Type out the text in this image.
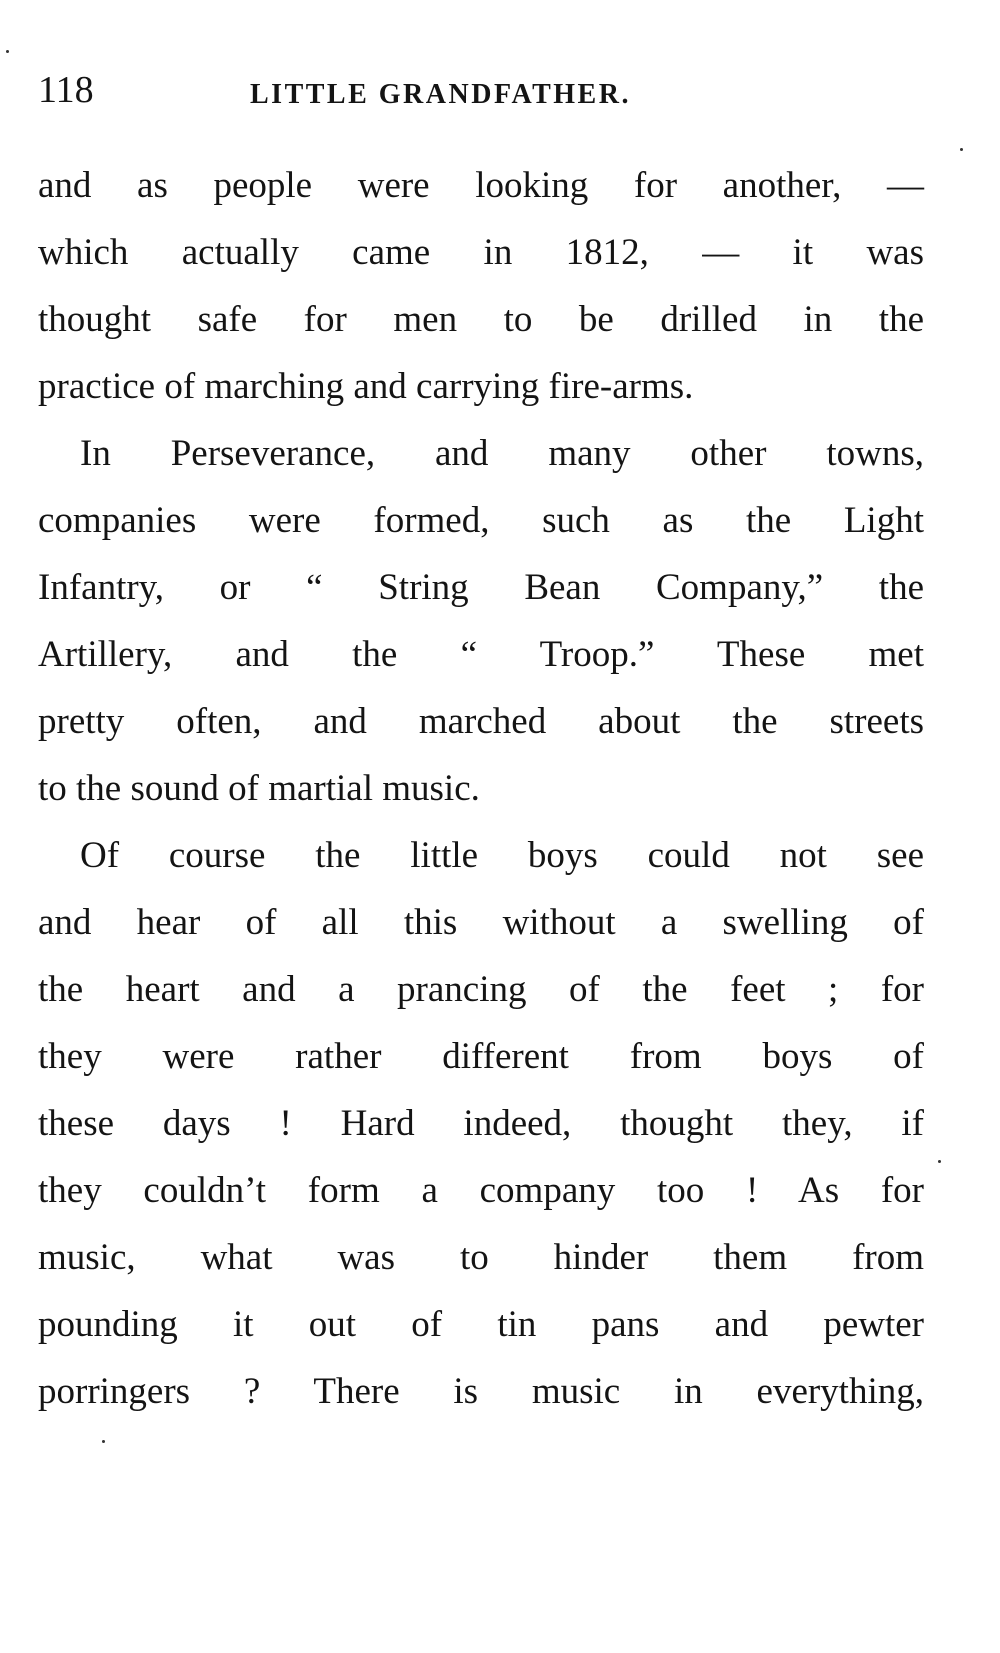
118	LITTLE GRANDFATHER.
and as people were looking for another, —
which actually came in 1812, — it was
thought safe for men to be drilled in the
practice of marching and carrying fire-arms.
In Perseverance, and many other towns,
companies were formed, such as the Light
Infantry, or “ String Bean Company,” the
Artillery, and the “ Troop.” These met
pretty often, and marched about the streets
to the sound of martial music.
Of course the little boys could not see
and hear of all this without a swelling of
the heart and a prancing of the feet ; for
they were rather different from boys of
these days ! Hard indeed, thought they, if
they couldn’t form a company too ! As for
music, what was to hinder them from
pounding it out of tin pans and pewter
porringers ? There is music in everything,
